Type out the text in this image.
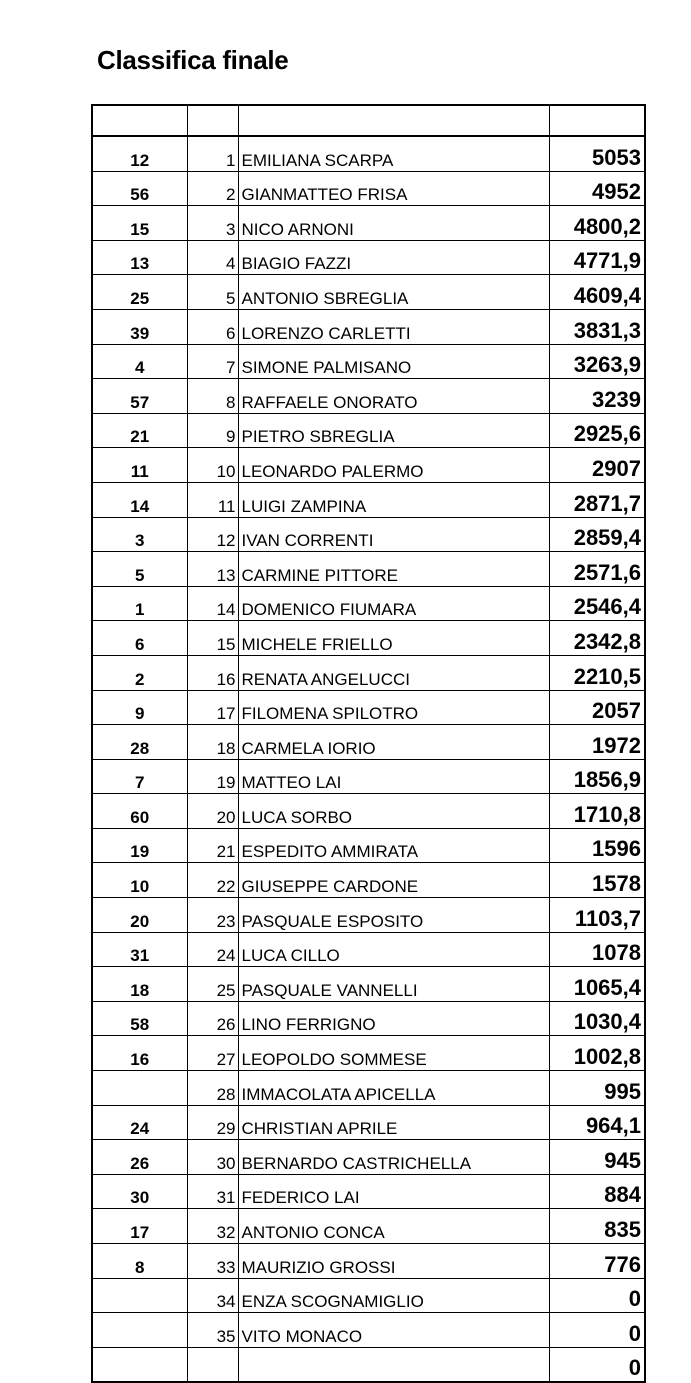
Classifica finale

12	1	EMILIANA SCARPA	5053
56	2	GIANMATTEO FRISA	4952
15	3	NICO ARNONI	4800,2
13	4	BIAGIO FAZZI	4771,9
25	5	ANTONIO SBREGLIA	4609,4
39	6	LORENZO CARLETTI	3831,3
4	7	SIMONE PALMISANO	3263,9
57	8	RAFFAELE ONORATO	3239
21	9	PIETRO SBREGLIA	2925,6
11	10	LEONARDO PALERMO	2907
14	11	LUIGI ZAMPINA	2871,7
3	12	IVAN CORRENTI	2859,4
5	13	CARMINE PITTORE	2571,6
1	14	DOMENICO FIUMARA	2546,4
6	15	MICHELE FRIELLO	2342,8
2	16	RENATA ANGELUCCI	2210,5
9	17	FILOMENA SPILOTRO	2057
28	18	CARMELA IORIO	1972
7	19	MATTEO LAI	1856,9
60	20	LUCA SORBO	1710,8
19	21	ESPEDITO AMMIRATA	1596
10	22	GIUSEPPE CARDONE	1578
20	23	PASQUALE ESPOSITO	1103,7
31	24	LUCA CILLO	1078
18	25	PASQUALE VANNELLI	1065,4
58	26	LINO FERRIGNO	1030,4
16	27	LEOPOLDO SOMMESE	1002,8
	28	IMMACOLATA APICELLA	995
24	29	CHRISTIAN APRILE	964,1
26	30	BERNARDO CASTRICHELLA	945
30	31	FEDERICO LAI	884
17	32	ANTONIO CONCA	835
8	33	MAURIZIO GROSSI	776
	34	ENZA SCOGNAMIGLIO	0
	35	VITO MONACO	0
			0
